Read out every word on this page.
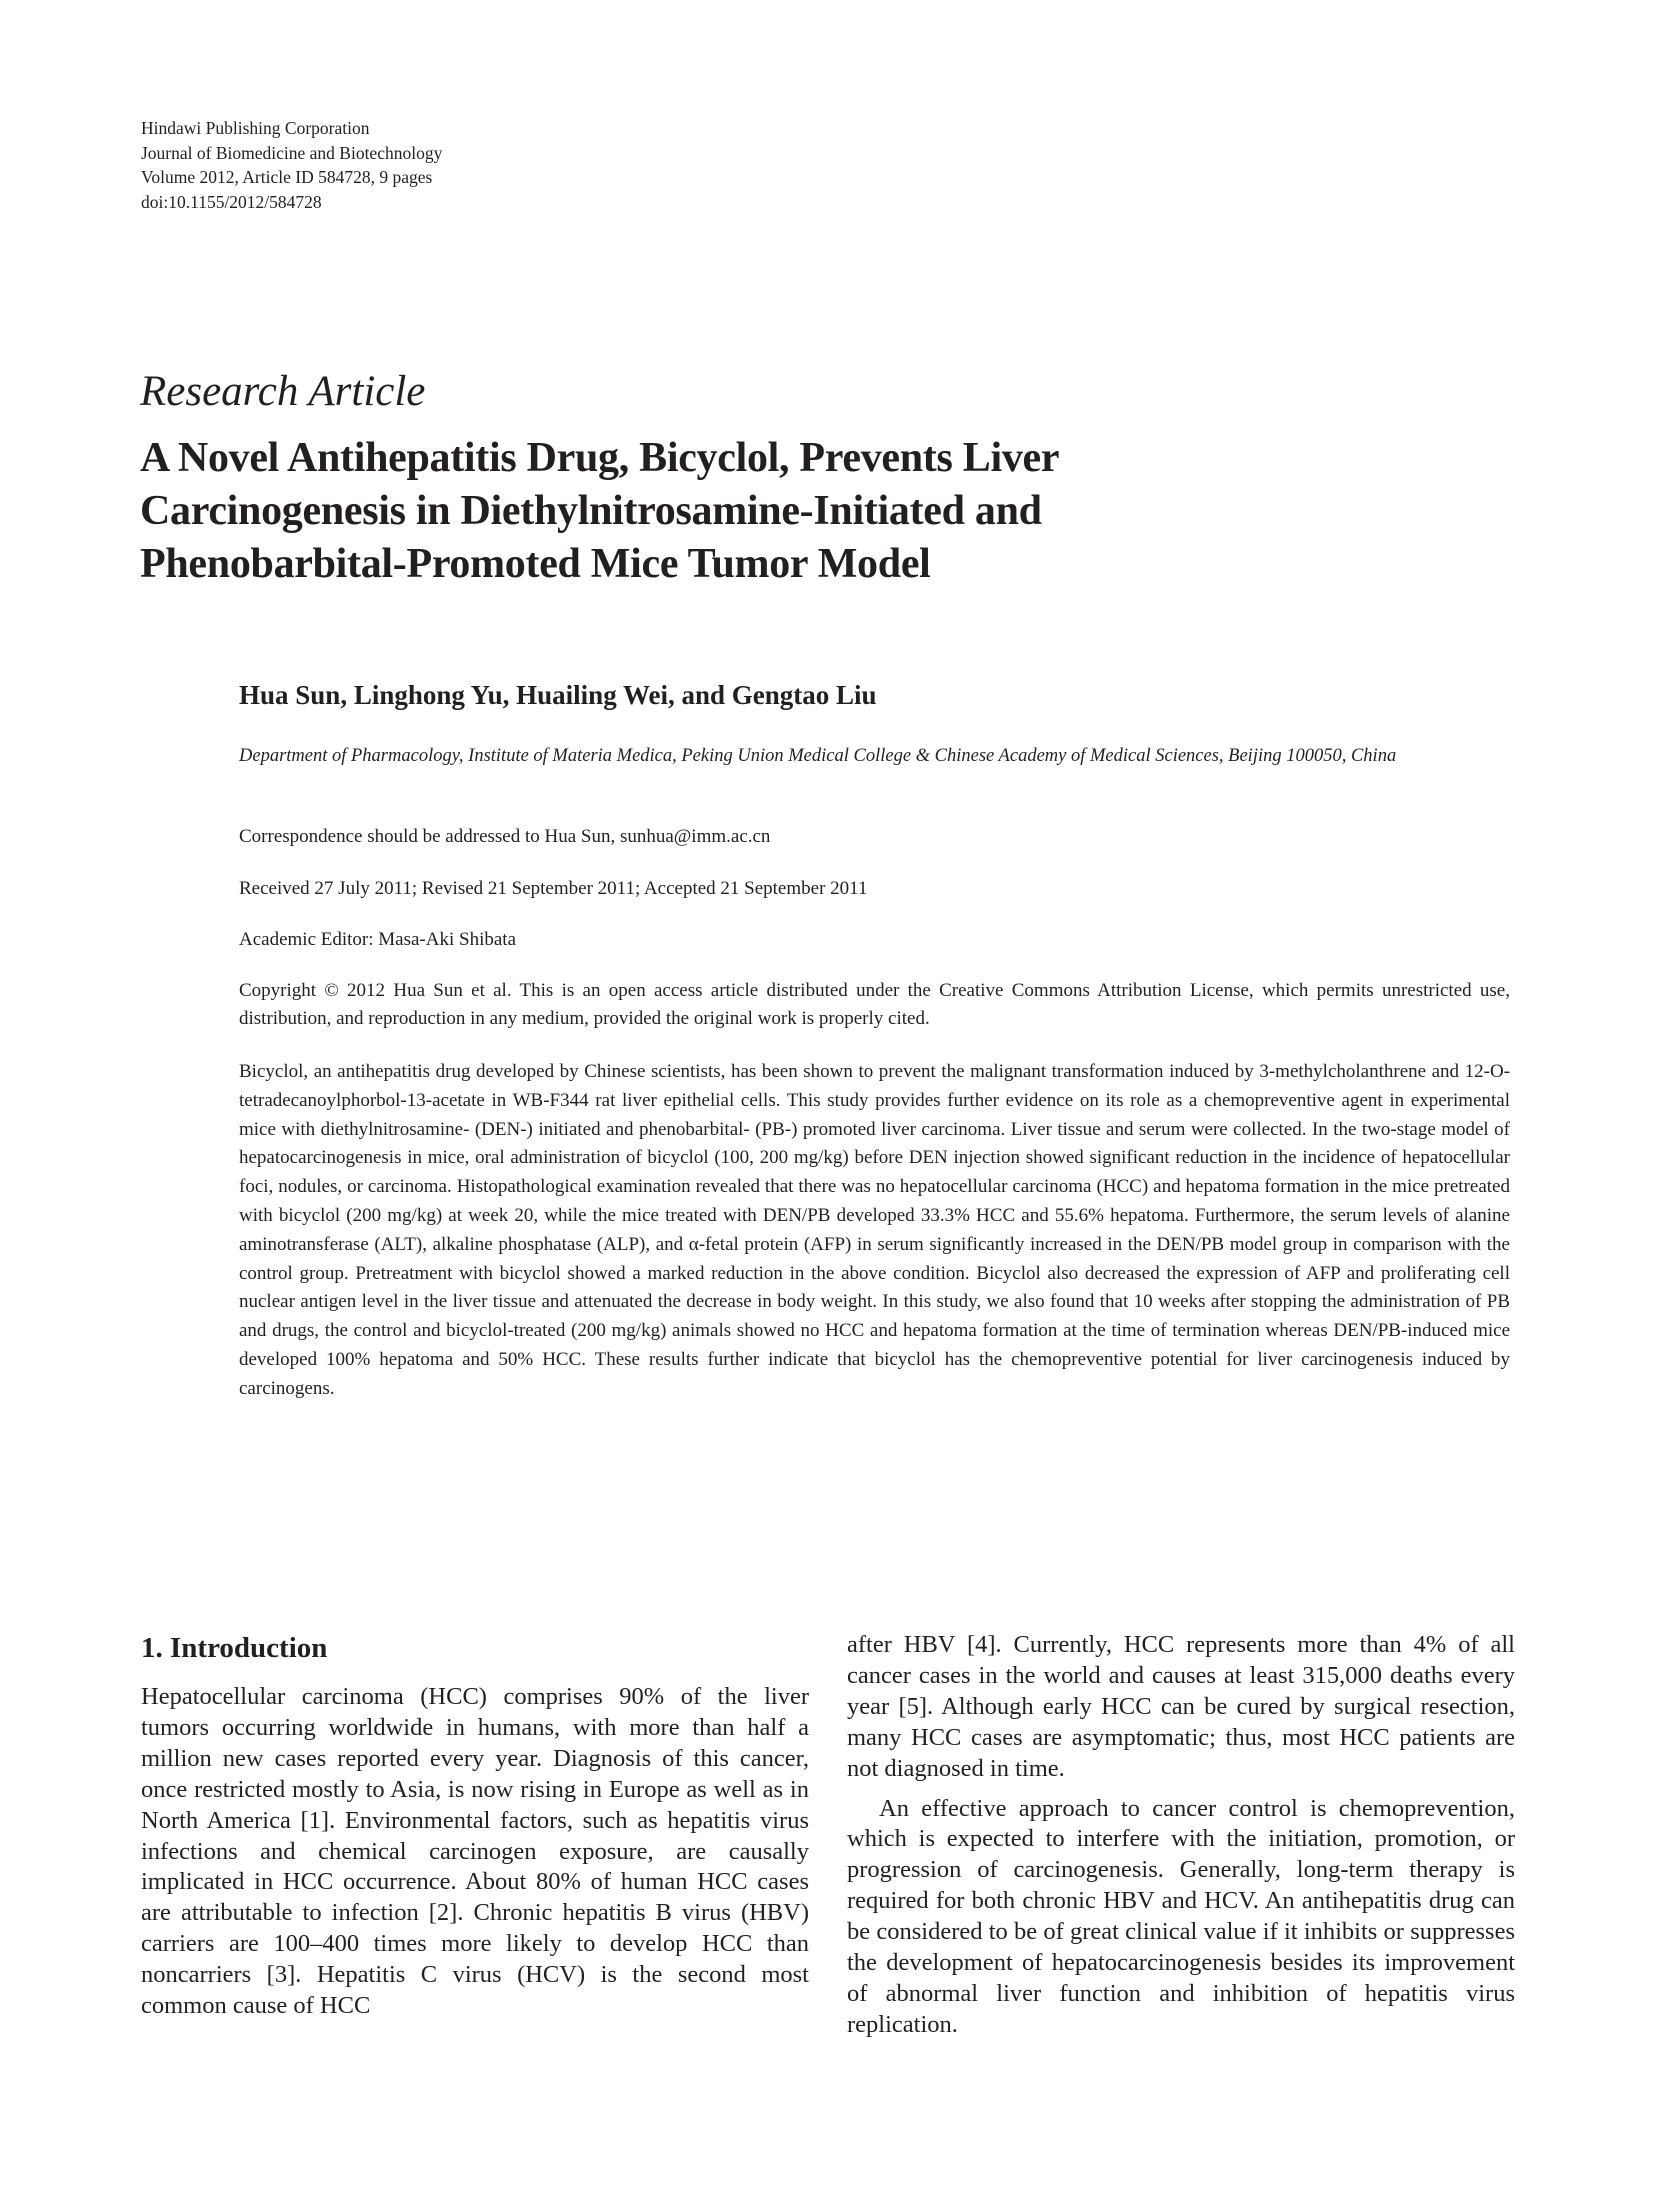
Hindawi Publishing Corporation
Journal of Biomedicine and Biotechnology
Volume 2012, Article ID 584728, 9 pages
doi:10.1155/2012/584728
Research Article
A Novel Antihepatitis Drug, Bicyclol, Prevents Liver
Carcinogenesis in Diethylnitrosamine-Initiated and
Phenobarbital-Promoted Mice Tumor Model
Hua Sun, Linghong Yu, Huailing Wei, and Gengtao Liu
Department of Pharmacology, Institute of Materia Medica, Peking Union Medical College & Chinese Academy of Medical Sciences, Beijing 100050, China
Correspondence should be addressed to Hua Sun, sunhua@imm.ac.cn
Received 27 July 2011; Revised 21 September 2011; Accepted 21 September 2011
Academic Editor: Masa-Aki Shibata
Copyright © 2012 Hua Sun et al. This is an open access article distributed under the Creative Commons Attribution License, which permits unrestricted use, distribution, and reproduction in any medium, provided the original work is properly cited.
Bicyclol, an antihepatitis drug developed by Chinese scientists, has been shown to prevent the malignant transformation induced by 3-methylcholanthrene and 12-O-tetradecanoylphorbol-13-acetate in WB-F344 rat liver epithelial cells. This study provides further evidence on its role as a chemopreventive agent in experimental mice with diethylnitrosamine- (DEN-) initiated and phenobarbital- (PB-) promoted liver carcinoma. Liver tissue and serum were collected. In the two-stage model of hepatocarcinogenesis in mice, oral administration of bicyclol (100, 200 mg/kg) before DEN injection showed significant reduction in the incidence of hepatocellular foci, nodules, or carcinoma. Histopathological examination revealed that there was no hepatocellular carcinoma (HCC) and hepatoma formation in the mice pretreated with bicyclol (200 mg/kg) at week 20, while the mice treated with DEN/PB developed 33.3% HCC and 55.6% hepatoma. Furthermore, the serum levels of alanine aminotransferase (ALT), alkaline phosphatase (ALP), and α-fetal protein (AFP) in serum significantly increased in the DEN/PB model group in comparison with the control group. Pretreatment with bicyclol showed a marked reduction in the above condition. Bicyclol also decreased the expression of AFP and proliferating cell nuclear antigen level in the liver tissue and attenuated the decrease in body weight. In this study, we also found that 10 weeks after stopping the administration of PB and drugs, the control and bicyclol-treated (200 mg/kg) animals showed no HCC and hepatoma formation at the time of termination whereas DEN/PB-induced mice developed 100% hepatoma and 50% HCC. These results further indicate that bicyclol has the chemopreventive potential for liver carcinogenesis induced by carcinogens.
1. Introduction

Hepatocellular carcinoma (HCC) comprises 90% of the liver tumors occurring worldwide in humans, with more than half a million new cases reported every year. Diagnosis of this cancer, once restricted mostly to Asia, is now rising in Europe as well as in North America [1]. Environmental factors, such as hepatitis virus infections and chemical carcinogen exposure, are causally implicated in HCC occurrence. About 80% of human HCC cases are attributable to infection [2]. Chronic hepatitis B virus (HBV) carriers are 100–400 times more likely to develop HCC than noncarriers [3]. Hepatitis C virus (HCV) is the second most common cause of HCC

after HBV [4]. Currently, HCC represents more than 4% of all cancer cases in the world and causes at least 315,000 deaths every year [5]. Although early HCC can be cured by surgical resection, many HCC cases are asymptomatic; thus, most HCC patients are not diagnosed in time.

An effective approach to cancer control is chemoprevention, which is expected to interfere with the initiation, promotion, or progression of carcinogenesis. Generally, long-term therapy is required for both chronic HBV and HCV. An antihepatitis drug can be considered to be of great clinical value if it inhibits or suppresses the development of hepatocarcinogenesis besides its improvement of abnormal liver function and inhibition of hepatitis virus replication.
